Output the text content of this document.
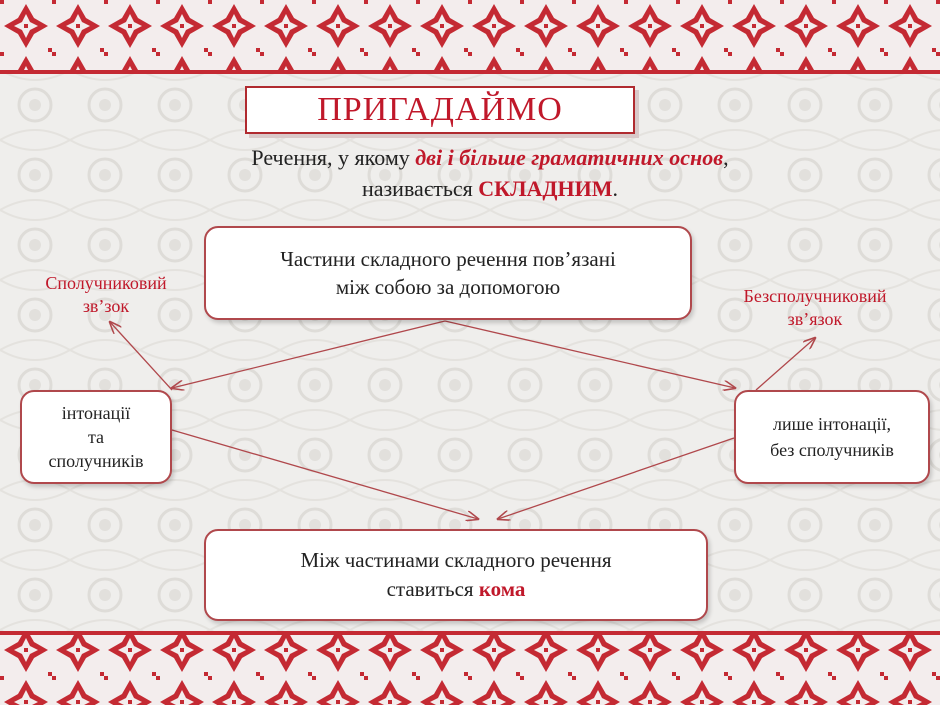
ПРИГАДАЙМО
Речення, у якому дві і більше граматичних основ,
називається СКЛАДНИМ.
Частини складного речення пов’язані
між собою за допомогою
інтонації
та
сполучників
лише інтонації,
без сполучників
Між частинами складного речення
ставиться кома
Сполучниковий
зв’зок	Безсполучниковий
зв’язок
